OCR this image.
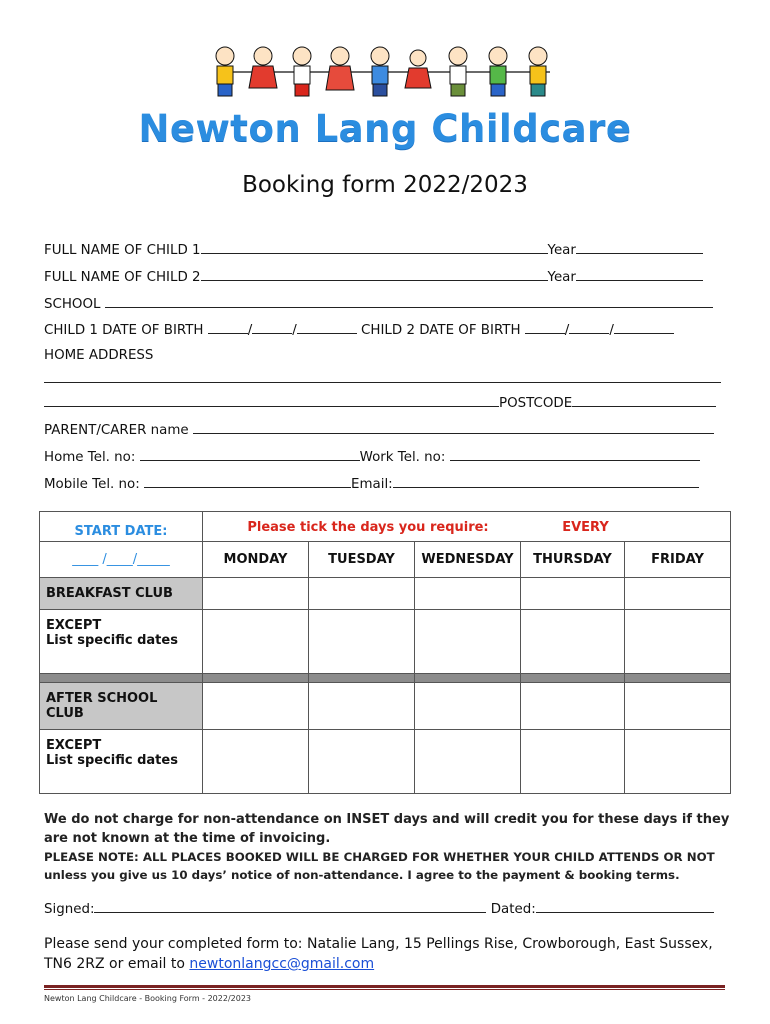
Newton Lang Childcare
Booking form 2022/2023
FULL NAME OF CHILD 1	Year
FULL NAME OF CHILD 2	Year
SCHOOL
CHILD 1 DATE OF BIRTH	/	/	CHILD 2 DATE OF BIRTH	/	/
HOME ADDRESS
POSTCODE
PARENT/CARER name
Home Tel. no:	Work Tel. no:
Mobile Tel. no:	Email:
START DATE:	Please tick the days you require: EVERY				
____ /____/_____	MONDAY	TUESDAY	WEDNESDAY	THURSDAY	FRIDAY
BREAKFAST CLUB					

EXCEPT
List specific dates					

AFTER SCHOOL CLUB					

EXCEPT
List specific dates					

We do not charge for non-attendance on INSET days and will credit you for these days if they are not known at the time of invoicing.
PLEASE NOTE: ALL PLACES BOOKED WILL BE CHARGED FOR WHETHER YOUR CHILD ATTENDS OR NOT unless you give us 10 days’ notice of non-attendance. I agree to the payment & booking terms.
Signed:	Dated:
Please send your completed form to: Natalie Lang, 15 Pellings Rise, Crowborough, East Sussex, TN6 2RZ or email to newtonlangcc@gmail.com
Newton Lang Childcare - Booking Form - 2022/2023
